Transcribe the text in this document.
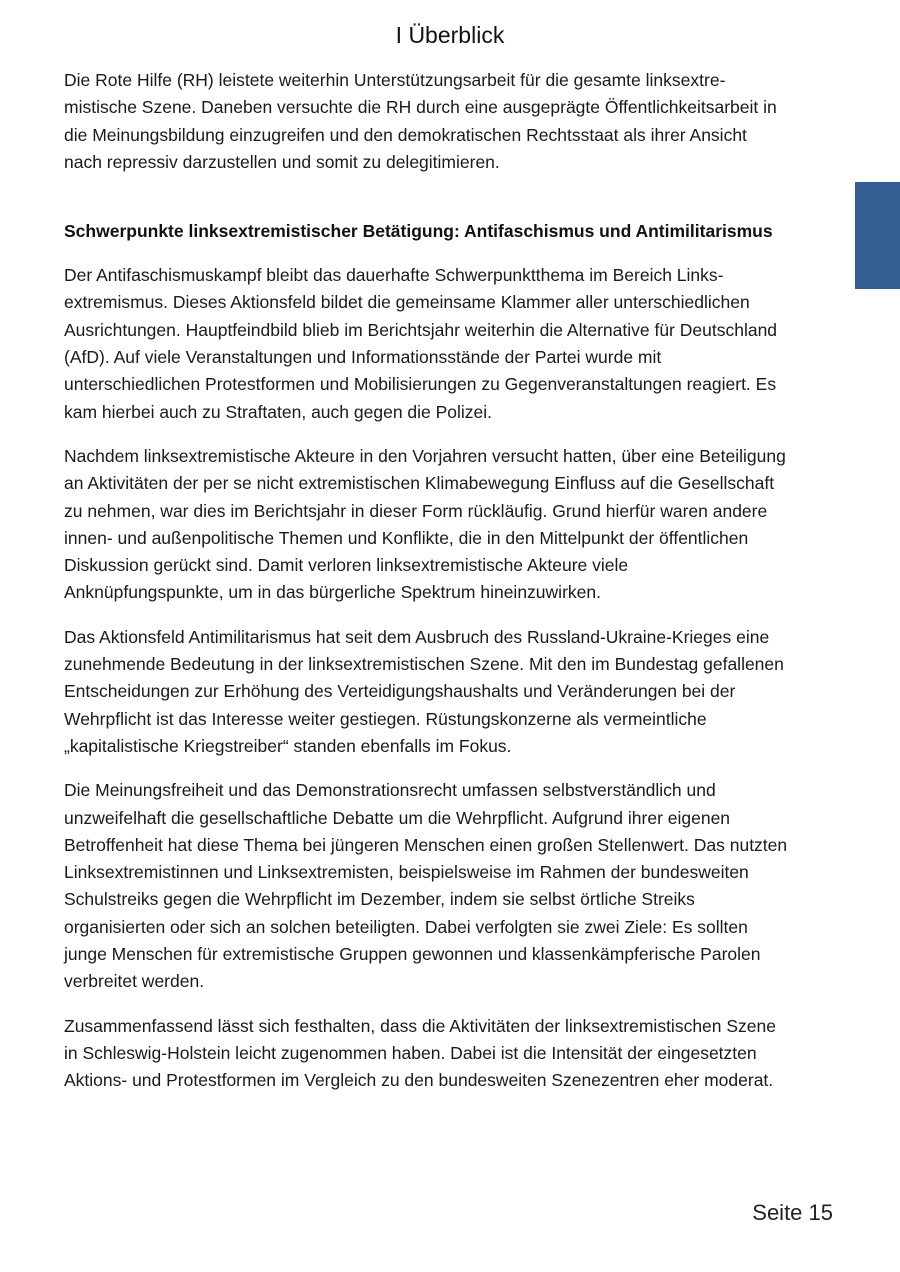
I Überblick

Die Rote Hilfe (RH) leistete weiterhin Unterstützungsarbeit für die gesamte linksextremistische Szene. Daneben versuchte die RH durch eine ausgeprägte Öffentlichkeitsarbeit in die Meinungsbildung einzugreifen und den demokratischen Rechtsstaat als ihrer Ansicht nach repressiv darzustellen und somit zu delegitimieren.

Schwerpunkte linksextremistischer Betätigung: Antifaschismus und Antimilitarismus

Der Antifaschismuskampf bleibt das dauerhafte Schwerpunktthema im Bereich Linksextremismus. Dieses Aktionsfeld bildet die gemeinsame Klammer aller unterschiedlichen Ausrichtungen. Hauptfeindbild blieb im Berichtsjahr weiterhin die Alternative für Deutschland (AfD). Auf viele Veranstaltungen und Informationsstände der Partei wurde mit unterschiedlichen Protestformen und Mobilisierungen zu Gegenveranstaltungen reagiert. Es kam hierbei auch zu Straftaten, auch gegen die Polizei.

Nachdem linksextremistische Akteure in den Vorjahren versucht hatten, über eine Beteiligung an Aktivitäten der per se nicht extremistischen Klimabewegung Einfluss auf die Gesellschaft zu nehmen, war dies im Berichtsjahr in dieser Form rückläufig. Grund hierfür waren andere innen- und außenpolitische Themen und Konflikte, die in den Mittelpunkt der öffentlichen Diskussion gerückt sind. Damit verloren linksextremistische Akteure viele Anknüpfungspunkte, um in das bürgerliche Spektrum hineinzuwirken.

Das Aktionsfeld Antimilitarismus hat seit dem Ausbruch des Russland-Ukraine-Krieges eine zunehmende Bedeutung in der linksextremistischen Szene. Mit den im Bundestag gefallenen Entscheidungen zur Erhöhung des Verteidigungshaushalts und Veränderungen bei der Wehrpflicht ist das Interesse weiter gestiegen. Rüstungskonzerne als vermeintliche „kapitalistische Kriegstreiber“ standen ebenfalls im Fokus.

Die Meinungsfreiheit und das Demonstrationsrecht umfassen selbstverständlich und unzweifelhaft die gesellschaftliche Debatte um die Wehrpflicht. Aufgrund ihrer eigenen Betroffenheit hat diese Thema bei jüngeren Menschen einen großen Stellenwert. Das nutzten Linksextremistinnen und Linksextremisten, beispielsweise im Rahmen der bundesweiten Schulstreiks gegen die Wehrpflicht im Dezember, indem sie selbst örtliche Streiks organisierten oder sich an solchen beteiligten. Dabei verfolgten sie zwei Ziele: Es sollten junge Menschen für extremistische Gruppen gewonnen und klassenkämpferische Parolen verbreitet werden.

Zusammenfassend lässt sich festhalten, dass die Aktivitäten der linksextremistischen Szene in Schleswig-Holstein leicht zugenommen haben. Dabei ist die Intensität der eingesetzten Aktions- und Protestformen im Vergleich zu den bundesweiten Szenezentren eher moderat.

Seite 15
